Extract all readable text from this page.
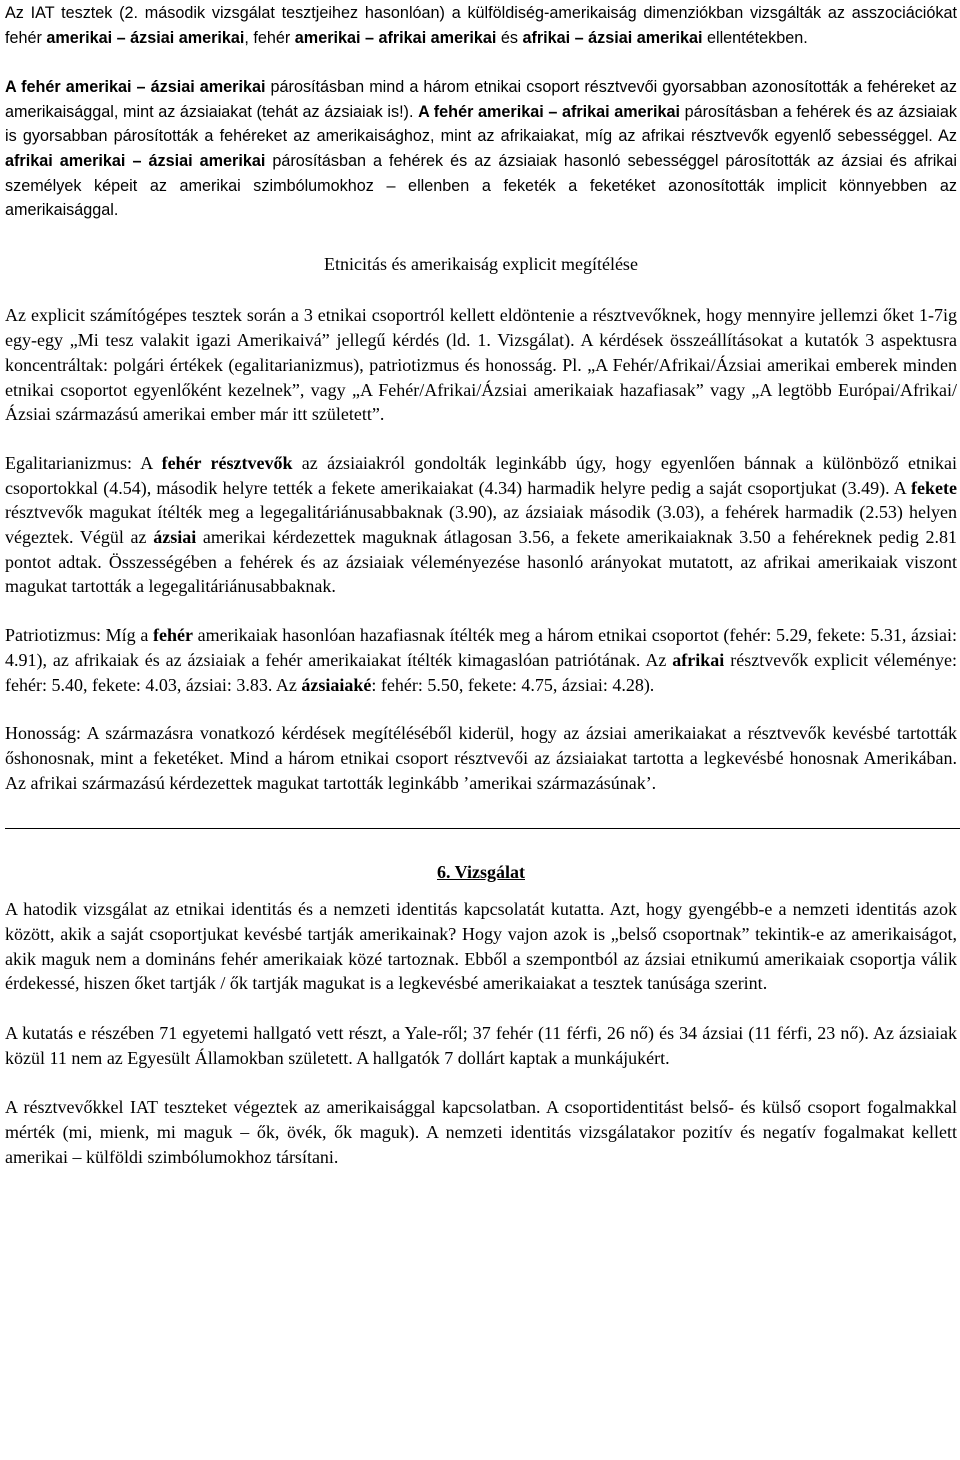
Az IAT tesztek (2. második vizsgálat tesztjeihez hasonlóan) a külföldiség-amerikaiság dimenziókban vizsgálták az asszociációkat fehér amerikai – ázsiai amerikai, fehér amerikai – afrikai amerikai és afrikai – ázsiai amerikai ellentétekben.

A fehér amerikai – ázsiai amerikai párosításban mind a három etnikai csoport résztvevői gyorsabban azonosították a fehéreket az amerikaisággal, mint az ázsiaiakat (tehát az ázsiaiak is!). A fehér amerikai – afrikai amerikai párosításban a fehérek és az ázsiaiak is gyorsabban párosították a fehéreket az amerikaisághoz, mint az afrikaiakat, míg az afrikai résztvevők egyenlő sebességgel. Az afrikai amerikai – ázsiai amerikai párosításban a fehérek és az ázsiaiak hasonló sebességgel párosították az ázsiai és afrikai személyek képeit az amerikai szimbólumokhoz – ellenben a feketék a feketéket azonosították implicit könnyebben az amerikaisággal.

Etnicitás és amerikaiság explicit megítélése

Az explicit számítógépes tesztek során a 3 etnikai csoportról kellett eldöntenie a résztvevőknek, hogy mennyire jellemzi őket 1-7ig egy-egy „Mi tesz valakit igazi Amerikaivá” jellegű kérdés (ld. 1. Vizsgálat). A kérdések összeállításokat a kutatók 3 aspektusra koncentráltak: polgári értékek (egalitarianizmus), patriotizmus és honosság. Pl. „A Fehér/Afrikai/Ázsiai amerikai emberek minden etnikai csoportot egyenlőként kezelnek”, vagy „A Fehér/Afrikai/Ázsiai amerikaiak hazafiasak” vagy „A legtöbb Európai/Afrikai/Ázsiai származású amerikai ember már itt született”.

Egalitarianizmus: A fehér résztvevők az ázsiaiakról gondolták leginkább úgy, hogy egyenlően bánnak a különböző etnikai csoportokkal (4.54), második helyre tették a fekete amerikaiakat (4.34) harmadik helyre pedig a saját csoportjukat (3.49). A fekete résztvevők magukat ítélték meg a legegalitáriánusabbaknak (3.90), az ázsiaiak második (3.03), a fehérek harmadik (2.53) helyen végeztek. Végül az ázsiai amerikai kérdezettek maguknak átlagosan 3.56, a fekete amerikaiaknak 3.50 a fehéreknek pedig 2.81 pontot adtak. Összességében a fehérek és az ázsiaiak véleményezése hasonló arányokat mutatott, az afrikai amerikaiak viszont magukat tartották a legegalitáriánusabbaknak.

Patriotizmus: Míg a fehér amerikaiak hasonlóan hazafiasnak ítélték meg a három etnikai csoportot (fehér: 5.29, fekete: 5.31, ázsiai: 4.91), az afrikaiak és az ázsiaiak a fehér amerikaiakat ítélték kimagaslóan patriótának. Az afrikai résztvevők explicit véleménye: fehér: 5.40, fekete: 4.03, ázsiai: 3.83. Az ázsiaiaké: fehér: 5.50, fekete: 4.75, ázsiai: 4.28).

Honosság: A származásra vonatkozó kérdések megítéléséből kiderül, hogy az ázsiai amerikaiakat a résztvevők kevésbé tartották őshonosnak, mint a feketéket. Mind a három etnikai csoport résztvevői az ázsiaiakat tartotta a legkevésbé honosnak Amerikában. Az afrikai származású kérdezettek magukat tartották leginkább ’amerikai származásúnak’.

6. Vizsgálat

A hatodik vizsgálat az etnikai identitás és a nemzeti identitás kapcsolatát kutatta. Azt, hogy gyengébb-e a nemzeti identitás azok között, akik a saját csoportjukat kevésbé tartják amerikainak? Hogy vajon azok is „belső csoportnak” tekintik-e az amerikaiságot, akik maguk nem a domináns fehér amerikaiak közé tartoznak. Ebből a szempontból az ázsiai etnikumú amerikaiak csoportja válik érdekessé, hiszen őket tartják / ők tartják magukat is a legkevésbé amerikaiakat a tesztek tanúsága szerint.

A kutatás e részében 71 egyetemi hallgató vett részt, a Yale-ről; 37 fehér (11 férfi, 26 nő) és 34 ázsiai (11 férfi, 23 nő). Az ázsiaiak közül 11 nem az Egyesült Államokban született. A hallgatók 7 dollárt kaptak a munkájukért.

A résztvevőkkel IAT teszteket végeztek az amerikaisággal kapcsolatban. A csoportidentitást belső- és külső csoport fogalmakkal mérték (mi, mienk, mi maguk – ők, övék, ők maguk). A nemzeti identitás vizsgálatakor pozitív és negatív fogalmakat kellett amerikai – külföldi szimbólumokhoz társítani.
